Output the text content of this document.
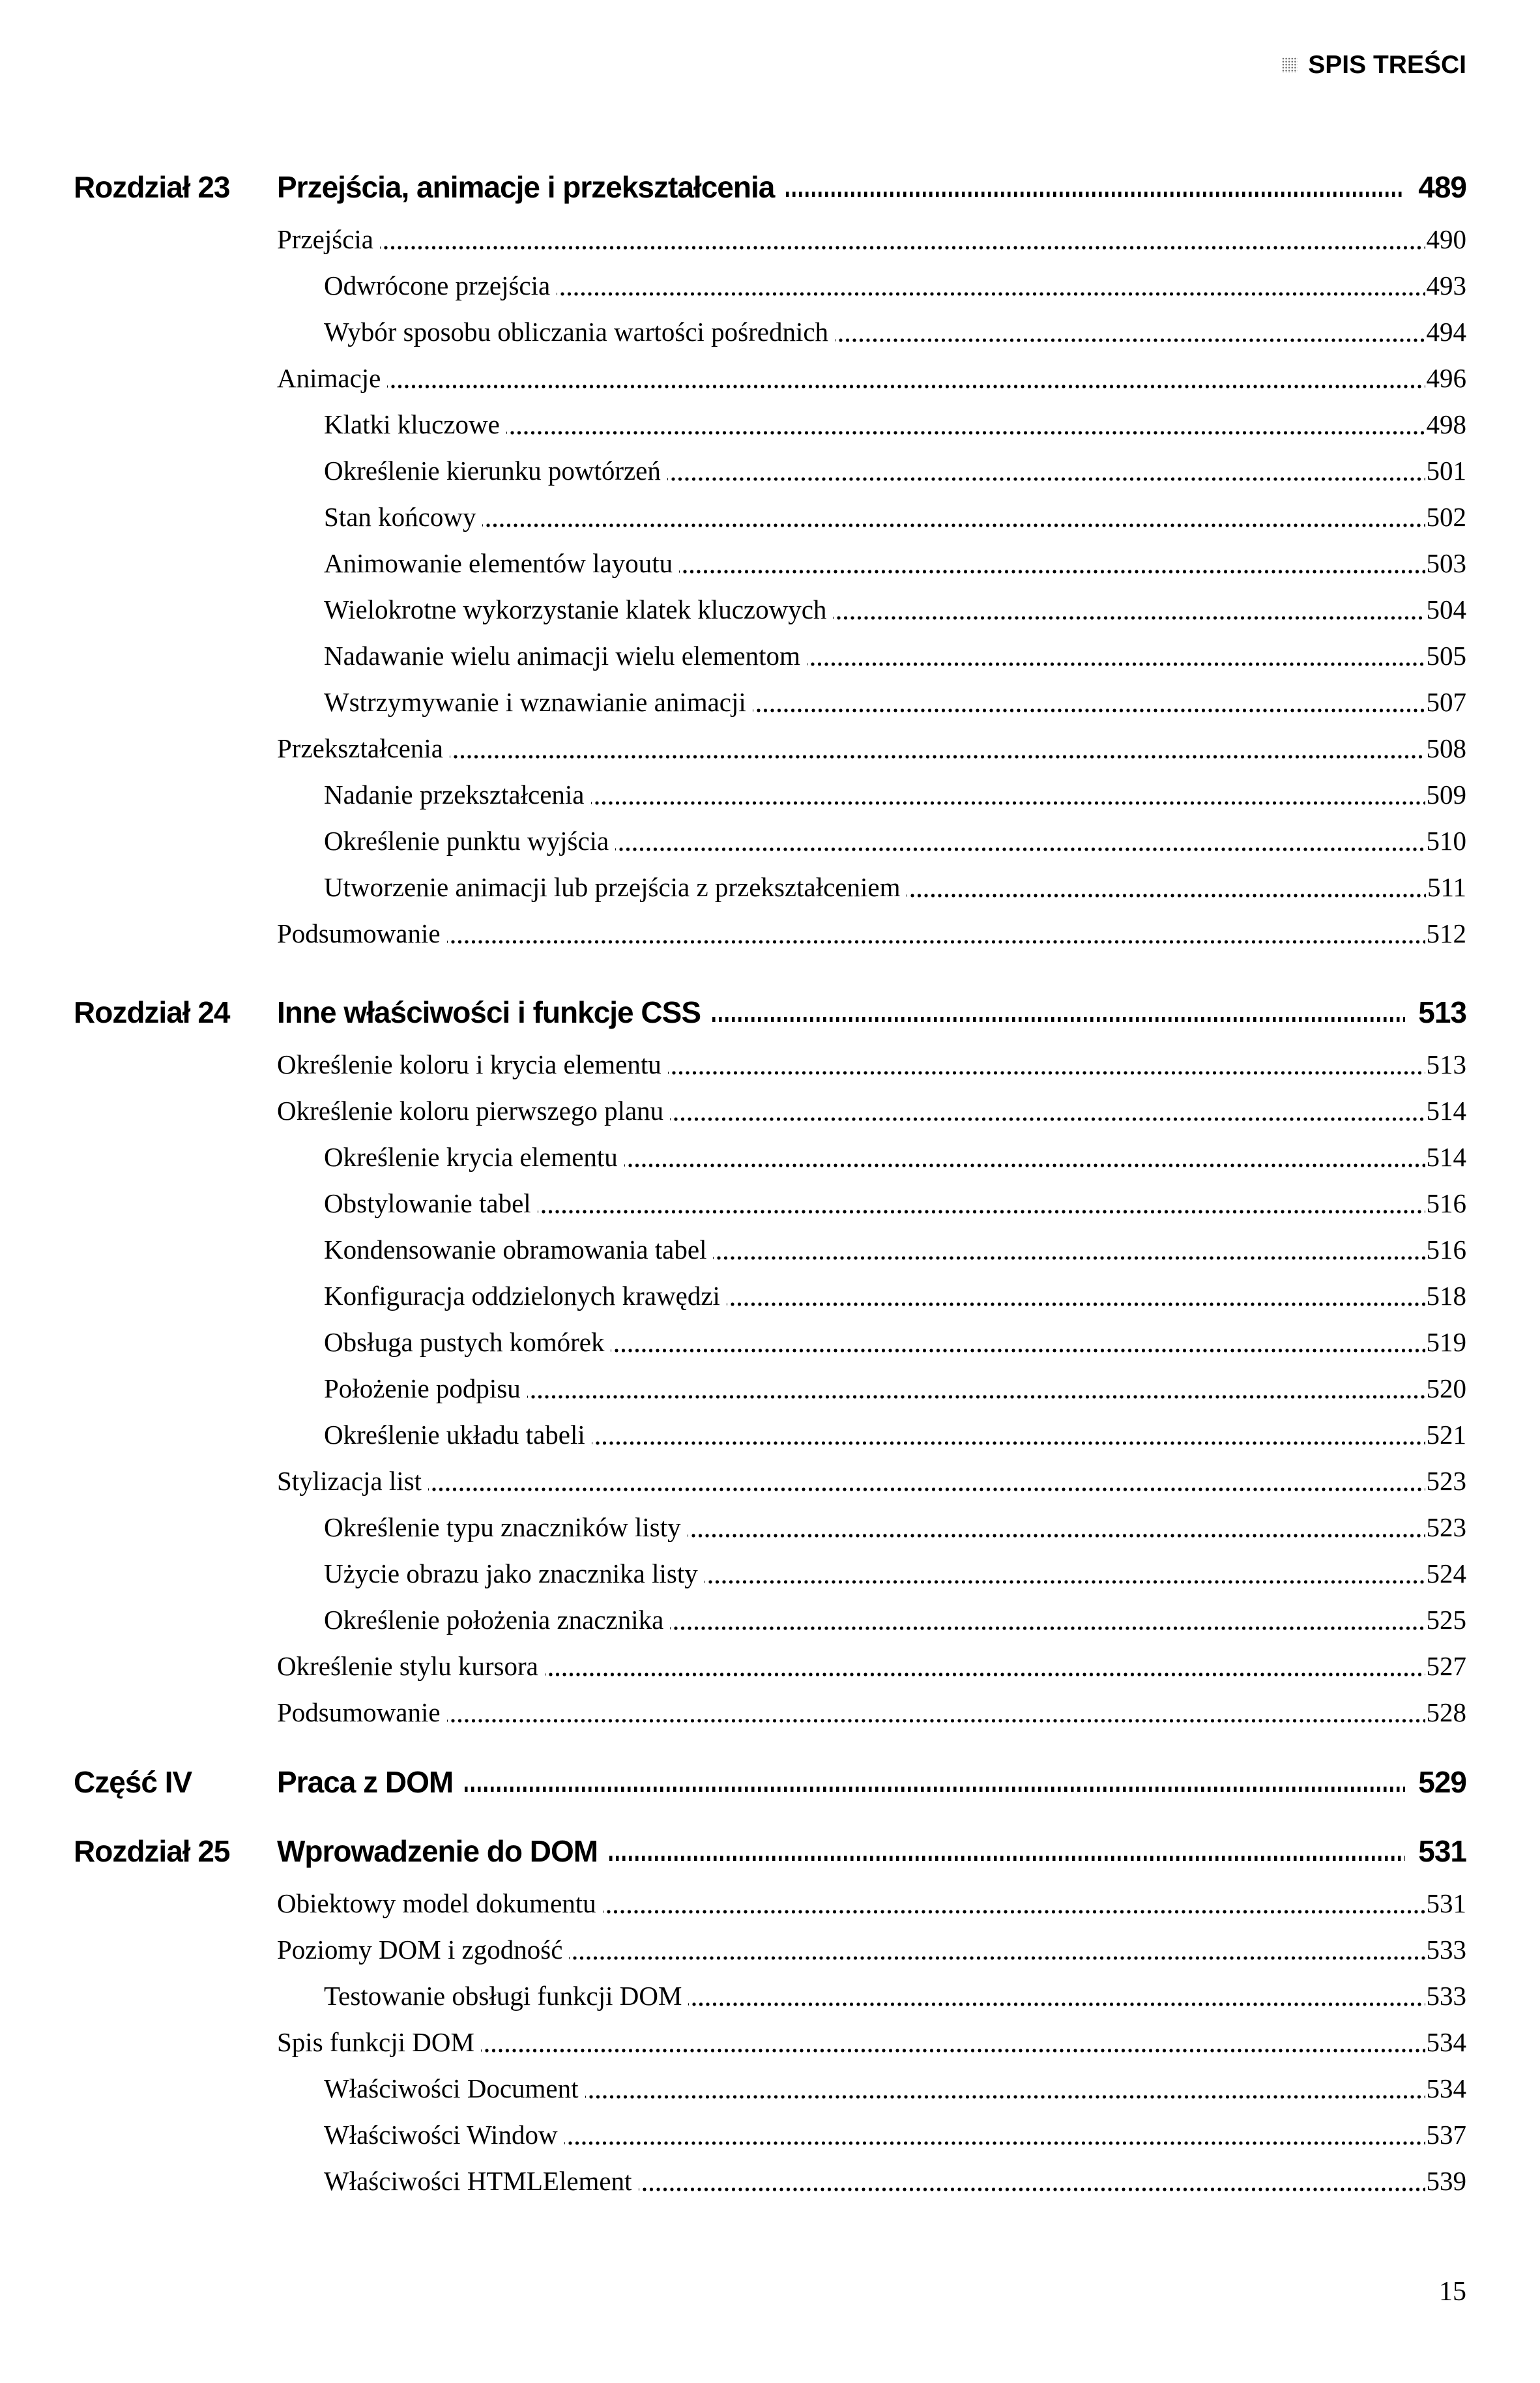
SPIS TREŚCI
Rozdział 23	Przejścia, animacje i przekształcenia	489
Przejścia	490
Odwrócone przejścia	493
Wybór sposobu obliczania wartości pośrednich	494
Animacje	496
Klatki kluczowe	498
Określenie kierunku powtórzeń	501
Stan końcowy	502
Animowanie elementów layoutu	503
Wielokrotne wykorzystanie klatek kluczowych	504
Nadawanie wielu animacji wielu elementom	505
Wstrzymywanie i wznawianie animacji	507
Przekształcenia	508
Nadanie przekształcenia	509
Określenie punktu wyjścia	510
Utworzenie animacji lub przejścia z przekształceniem	511
Podsumowanie	512
Rozdział 24	Inne właściwości i funkcje CSS	513
Określenie koloru i krycia elementu	513
Określenie koloru pierwszego planu	514
Określenie krycia elementu	514
Obstylowanie tabel	516
Kondensowanie obramowania tabel	516
Konfiguracja oddzielonych krawędzi	518
Obsługa pustych komórek	519
Położenie podpisu	520
Określenie układu tabeli	521
Stylizacja list	523
Określenie typu znaczników listy	523
Użycie obrazu jako znacznika listy	524
Określenie położenia znacznika	525
Określenie stylu kursora	527
Podsumowanie	528
Część IV	Praca z DOM	529
Rozdział 25	Wprowadzenie do DOM	531
Obiektowy model dokumentu	531
Poziomy DOM i zgodność	533
Testowanie obsługi funkcji DOM	533
Spis funkcji DOM	534
Właściwości Document	534
Właściwości Window	537
Właściwości HTMLElement	539
15
